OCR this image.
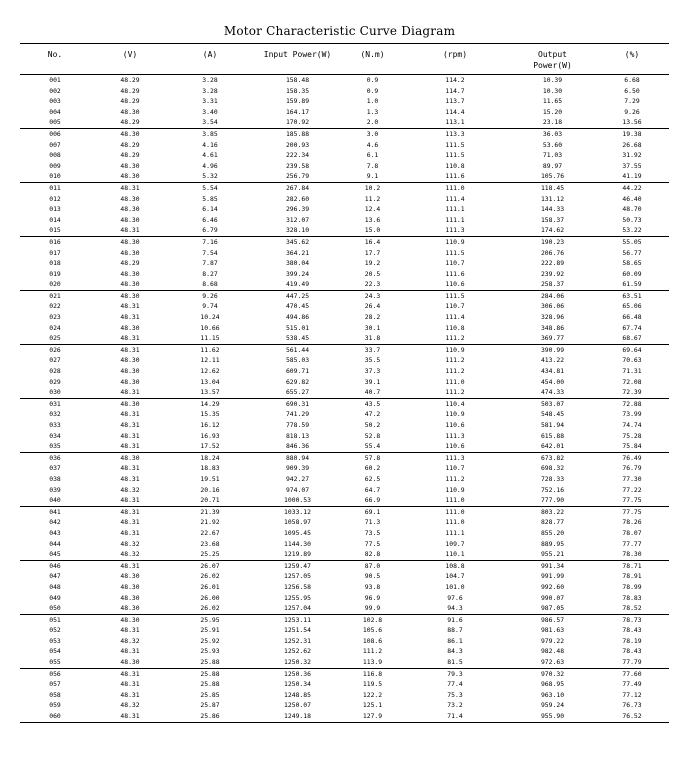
Motor Characteristic Curve Diagram
No.	(V)	(A)	Input Power(W)	(N.m)	(rpm)	Output Power(W)	(%)
001	48.29	3.28	158.48	0.9	114.2	10.39	6.68
002	48.29	3.28	158.35	0.9	114.7	10.30	6.50
003	48.29	3.31	159.89	1.0	113.7	11.65	7.29
004	48.30	3.40	164.17	1.3	114.4	15.20	9.26
005	48.29	3.54	170.92	2.0	113.1	23.18	13.56
006	48.30	3.85	185.88	3.0	113.3	36.03	19.38
007	48.29	4.16	200.93	4.6	111.5	53.60	26.68
008	48.29	4.61	222.34	6.1	111.5	71.03	31.92
009	48.30	4.96	239.58	7.8	110.8	89.97	37.55
010	48.30	5.32	256.79	9.1	111.6	105.76	41.19
011	48.31	5.54	267.84	10.2	111.0	118.45	44.22
012	48.30	5.85	282.60	11.2	111.4	131.12	46.40
013	48.30	6.14	296.39	12.4	111.1	144.33	48.70
014	48.30	6.46	312.07	13.6	111.1	158.37	50.73
015	48.31	6.79	328.10	15.0	111.3	174.62	53.22
016	48.30	7.16	345.62	16.4	110.9	190.23	55.05
017	48.30	7.54	364.21	17.7	111.5	206.76	56.77
018	48.29	7.87	380.04	19.2	110.7	222.89	58.65
019	48.30	8.27	399.24	20.5	111.6	239.92	60.09
020	48.30	8.68	419.49	22.3	110.6	258.37	61.59
021	48.30	9.26	447.25	24.3	111.5	284.06	63.51
022	48.31	9.74	470.45	26.4	110.7	306.06	65.06
023	48.31	10.24	494.86	28.2	111.4	328.96	66.48
024	48.30	10.66	515.01	30.1	110.8	348.86	67.74
025	48.31	11.15	538.45	31.8	111.2	369.77	68.67
026	48.31	11.62	561.44	33.7	110.9	390.99	69.64
027	48.30	12.11	585.03	35.5	111.2	413.22	70.63
028	48.30	12.62	609.71	37.3	111.2	434.81	71.31
029	48.30	13.04	629.82	39.1	111.0	454.00	72.08
030	48.31	13.57	655.27	40.7	111.2	474.33	72.39
031	48.30	14.29	690.31	43.5	110.4	503.07	72.88
032	48.31	15.35	741.29	47.2	110.9	548.45	73.99
033	48.31	16.12	778.59	50.2	110.6	581.94	74.74
034	48.31	16.93	818.13	52.8	111.3	615.88	75.28
035	48.31	17.52	846.36	55.4	110.6	642.01	75.84
036	48.30	18.24	880.94	57.8	111.3	673.82	76.49
037	48.31	18.83	909.39	60.2	110.7	698.32	76.79
038	48.31	19.51	942.27	62.5	111.2	728.33	77.30
039	48.32	20.16	974.07	64.7	110.9	752.16	77.22
040	48.31	20.71	1000.53	66.9	111.0	777.90	77.75
041	48.31	21.39	1033.12	69.1	111.0	803.22	77.75
042	48.31	21.92	1058.97	71.3	111.0	828.77	78.26
043	48.31	22.67	1095.45	73.5	111.1	855.20	78.07
044	48.32	23.68	1144.30	77.5	109.7	889.95	77.77
045	48.32	25.25	1219.89	82.8	110.1	955.21	78.30
046	48.31	26.07	1259.47	87.0	108.8	991.34	78.71
047	48.30	26.02	1257.05	90.5	104.7	991.99	78.91
048	48.30	26.01	1256.58	93.8	101.0	992.60	78.99
049	48.30	26.00	1255.95	96.9	97.6	990.07	78.83
050	48.30	26.02	1257.04	99.9	94.3	987.05	78.52
051	48.30	25.95	1253.11	102.8	91.6	986.57	78.73
052	48.31	25.91	1251.54	105.6	88.7	981.63	78.43
053	48.32	25.92	1252.31	108.6	86.1	979.22	78.19
054	48.31	25.93	1252.62	111.2	84.3	982.48	78.43
055	48.30	25.88	1250.32	113.9	81.5	972.63	77.79
056	48.31	25.88	1250.36	116.8	79.3	970.32	77.60
057	48.31	25.88	1250.34	119.5	77.4	968.95	77.49
058	48.31	25.85	1248.85	122.2	75.3	963.10	77.12
059	48.32	25.87	1250.07	125.1	73.2	959.24	76.73
060	48.31	25.86	1249.18	127.9	71.4	955.90	76.52
